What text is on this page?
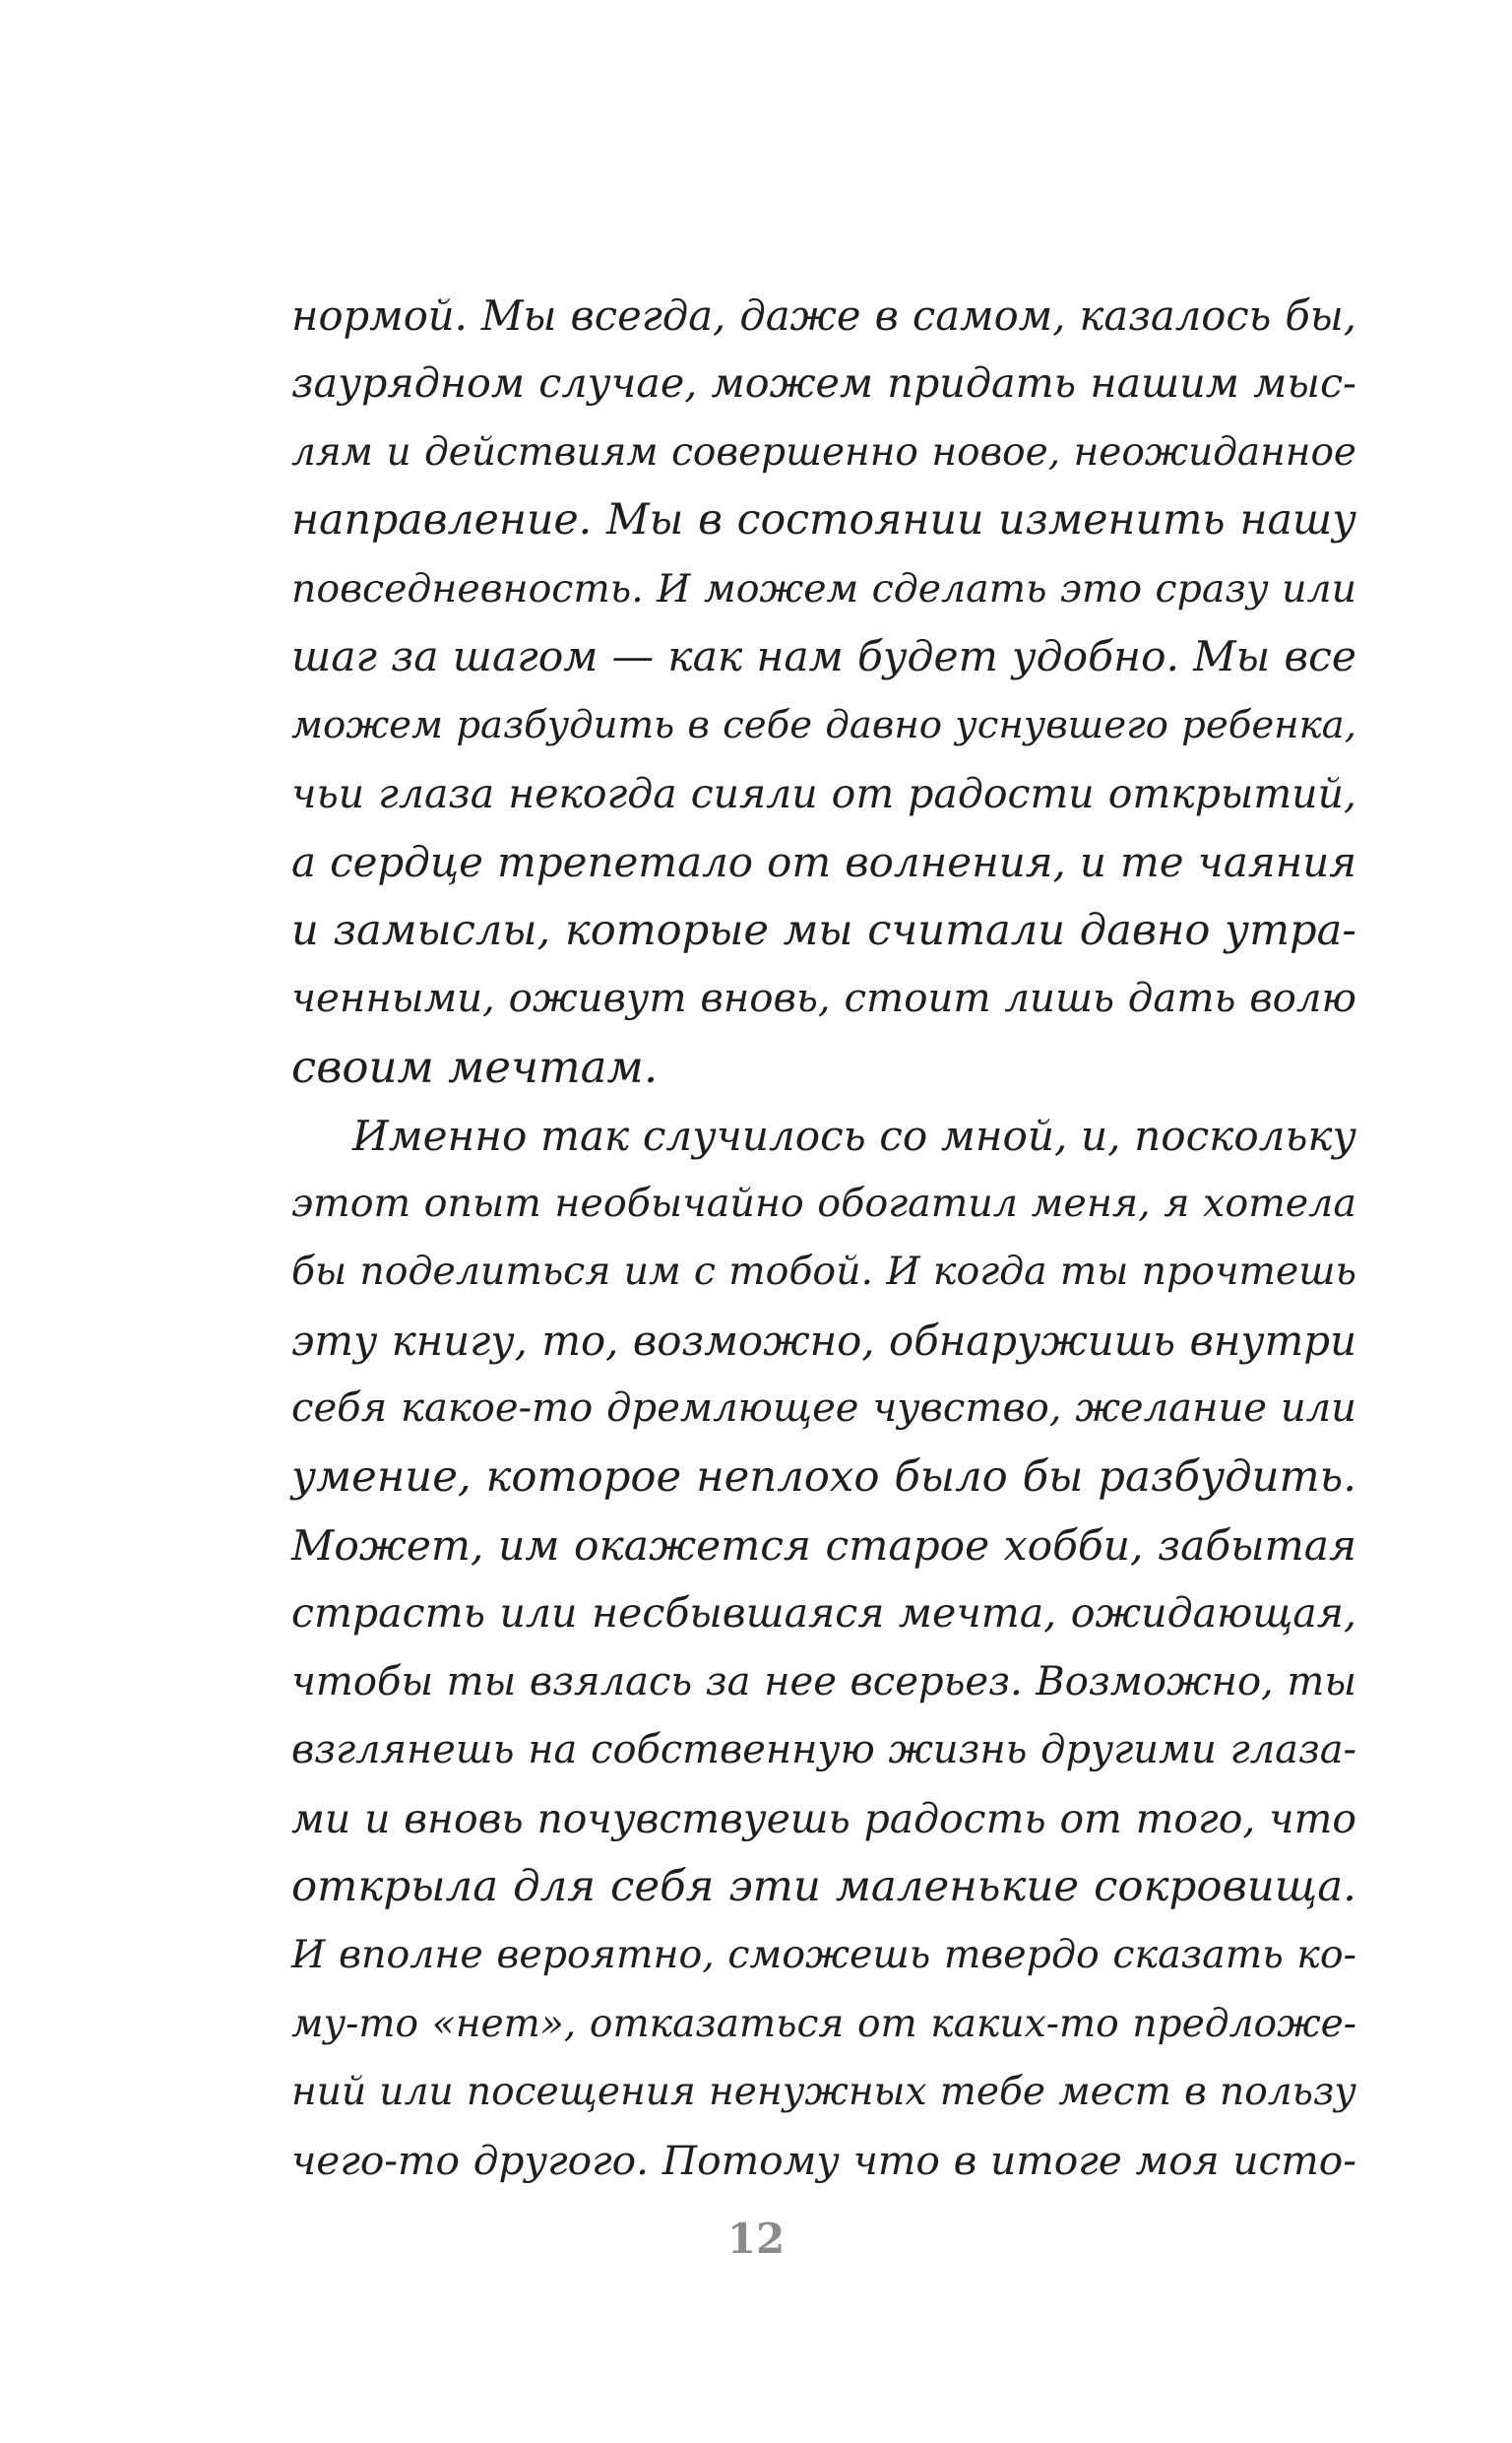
нормой. Мы всегда, даже в самом, казалось бы,
заурядном случае, можем придать нашим мыс-
лям и действиям совершенно новое, неожиданное
направление. Мы в состоянии изменить нашу
повседневность. И можем сделать это сразу или
шаг за шагом — как нам будет удобно. Мы все
можем разбудить в себе давно уснувшего ребенка,
чьи глаза некогда сияли от радости открытий,
а сердце трепетало от волнения, и те чаяния
и замыслы, которые мы считали давно утра-
ченными, оживут вновь, стоит лишь дать волю
своим мечтам.
Именно так случилось со мной, и, поскольку
этот опыт необычайно обогатил меня, я хотела
бы поделиться им с тобой. И когда ты прочтешь
эту книгу, то, возможно, обнаружишь внутри
себя какое-то дремлющее чувство, желание или
умение, которое неплохо было бы разбудить.
Может, им окажется старое хобби, забытая
страсть или несбывшаяся мечта, ожидающая,
чтобы ты взялась за нее всерьез. Возможно, ты
взглянешь на собственную жизнь другими глаза-
ми и вновь почувствуешь радость от того, что
открыла для себя эти маленькие сокровища.
И вполне вероятно, сможешь твердо сказать ко-
му-то «нет», отказаться от каких-то предложе-
ний или посещения ненужных тебе мест в пользу
чего-то другого. Потому что в итоге моя исто-
12
